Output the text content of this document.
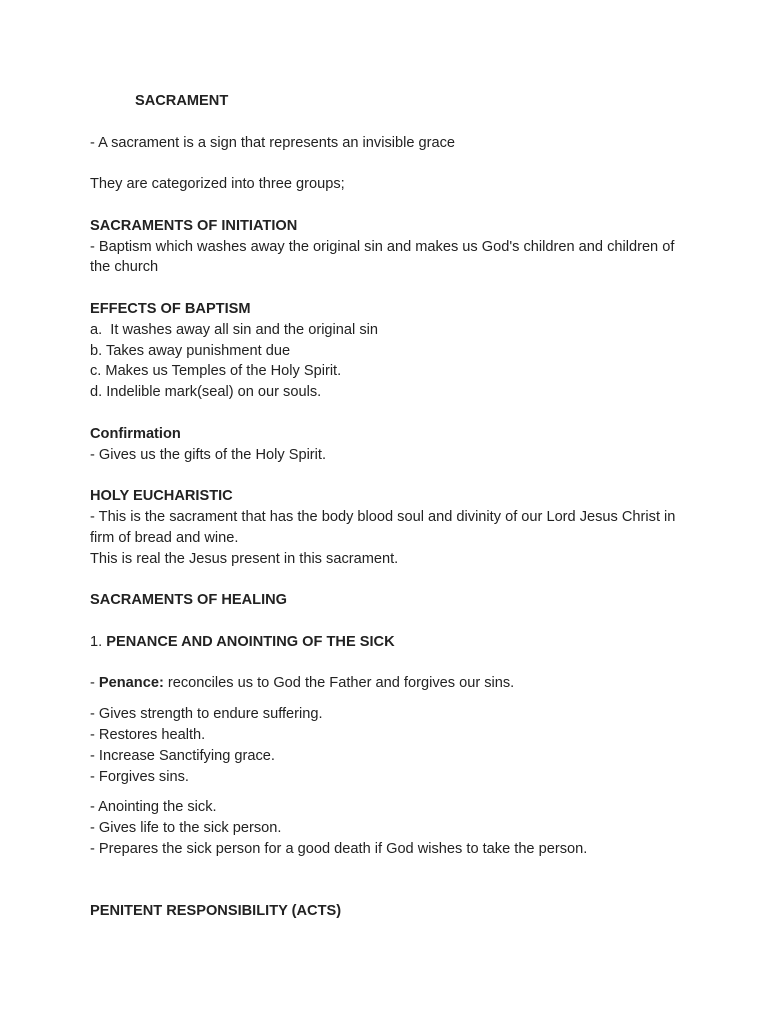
SACRAMENT

- A sacrament is a sign that represents an invisible grace

They are categorized into three groups;

SACRAMENTS OF INITIATION

- Baptism which washes away the original sin and makes us God's children and children of the church

EFFECTS OF BAPTISM

a.  It washes away all sin and the original sin

b. Takes away punishment due

c. Makes us Temples of the Holy Spirit.

d. Indelible mark(seal) on our souls.

Confirmation

- Gives us the gifts of the Holy Spirit.

HOLY EUCHARISTIC

- This is the sacrament that has the body blood soul and divinity of our Lord Jesus Christ in firm of bread and wine.

This is real the Jesus present in this sacrament.

SACRAMENTS OF HEALING

1. PENANCE AND ANOINTING OF THE SICK

- Penance: reconciles us to God the Father and forgives our sins.

- Gives strength to endure suffering.

- Restores health.

- Increase Sanctifying grace.

- Forgives sins.

- Anointing the sick.

- Gives life to the sick person.

- Prepares the sick person for a good death if God wishes to take the person.

PENITENT RESPONSIBILITY (ACTS)
